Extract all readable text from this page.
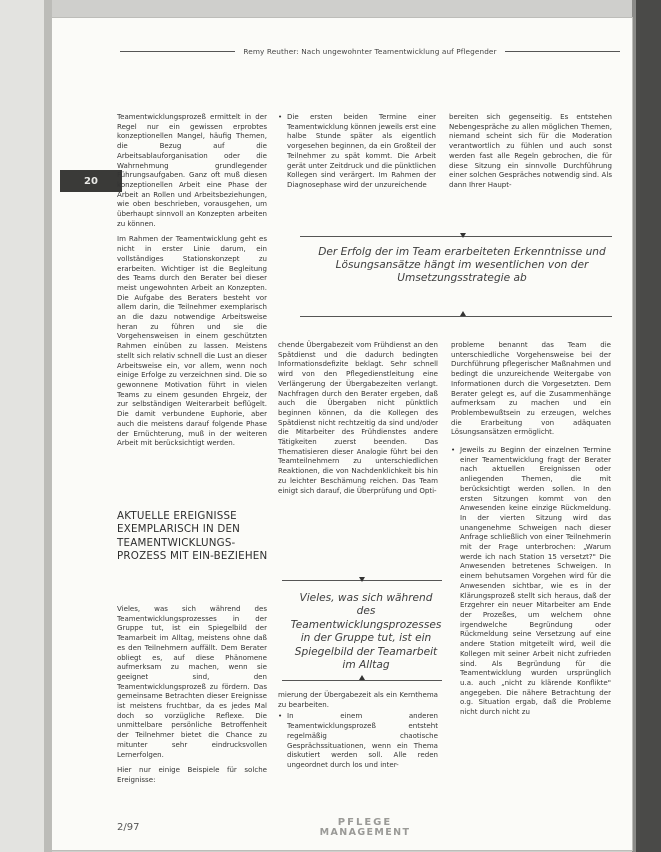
Remy Reuther: Nach ungewohnter Teamentwicklung auf Pflegender
20

Teamentwicklungsprozeß ermittelt in der Regel nur ein gewissen erprobtes konzeptionellen Mangel, häufig Themen, die Bezug auf die Arbeitsablauforganisation oder die Wahrnehmung grundlegender Führungsaufgaben. Ganz oft muß diesen konzeptionellen Arbeit eine Phase der Arbeit an Rollen und Arbeitsbeziehungen, wie oben beschrieben, vorausgehen, um überhaupt sinnvoll an Konzepten arbeiten zu können.

Im Rahmen der Teamentwicklung geht es nicht in erster Linie darum, ein vollständiges Stationskonzept zu erarbeiten. Wichtiger ist die Begleitung des Teams durch den Berater bei dieser meist ungewohnten Arbeit an Konzepten. Die Aufgabe des Beraters besteht vor allem darin, die Teilnehmer exemplarisch an die dazu notwendige Arbeitsweise heran zu führen und sie die Vorgehensweisen in einem geschützten Rahmen einüben zu lassen. Meistens stellt sich relativ schnell die Lust an dieser Arbeitsweise ein, vor allem, wenn noch einige Erfolge zu verzeichnen sind. Die so gewonnene Motivation führt in vielen Teams zu einem gesunden Ehrgeiz, der zur selbständigen Weiterarbeit beflügelt. Die damit verbundene Euphorie, aber auch die meistens darauf folgende Phase der Ernüchterung, muß in der weiteren Arbeit mit berücksichtigt werden.

AKTUELLE EREIGNISSE EXEMPLARISCH IN DEN TEAMENTWICKLUNGS-PROZESS MIT EIN-BEZIEHEN

Vieles, was sich während des Teamentwicklungsprozesses in der Gruppe tut, ist ein Spiegelbild der Teamarbeit im Alltag, meistens ohne daß es den Teilnehmern auffällt. Dem Berater obliegt es, auf diese Phänomene aufmerksam zu machen, wenn sie geeignet sind, den Teamentwicklungsprozeß zu fördern. Das gemeinsame Betrachten dieser Ereignisse ist meistens fruchtbar, da es jedes Mal doch so vorzügliche Reflexe. Die unmittelbare persönliche Betroffenheit der Teilnehmer bietet die Chance zu mitunter sehr eindrucksvollen Lernerfolgen.

Hier nur einige Beispiele für solche Ereignisse:

• Die ersten beiden Termine einer Teamentwicklung können jeweils erst eine halbe Stunde später als eigentlich vorgesehen beginnen, da ein Großteil der Teilnehmer zu spät kommt. Die Arbeit gerät unter Zeitdruck und die pünktlichen Kollegen sind verärgert. Im Rahmen der Diagnosephase wird der unzureichende

bereiten sich gegenseitig. Es entstehen Nebengespräche zu allen möglichen Themen, niemand scheint sich für die Moderation verantwortlich zu fühlen und auch sonst werden fast alle Regeln gebrochen, die für diese Sitzung ein sinnvolle Durchführung einer solchen Gespräches notwendig sind. Als dann Ihrer Haupt-

Der Erfolg der im Team erarbeiteten Erkenntnisse und Lösungsansätze hängt im wesentlichen von der Umsetzungsstrategie ab

chende Übergabezeit vom Frühdienst an den Spätdienst und die dadurch bedingten Informationsdefizite beklagt. Sehr schnell wird von den Pflegedienstleitung eine Verlängerung der Übergabezeiten verlangt. Nachfragen durch den Berater ergeben, daß auch die Übergaben nicht pünktlich beginnen können, da die Kollegen des Spätdienst nicht rechtzeitig da sind und/oder die Mitarbeiter des Frühdienstes andere Tätigkeiten zuerst beenden. Das Thematisieren dieser Analogie führt bei den Teamteilnehmern zu unterschiedlichen Reaktionen, die von Nachdenklichkeit bis hin zu leichter Beschämung reichen. Das Team einigt sich darauf, die Überprüfung und Opti-

probleme benannt das Team die unterschiedliche Vorgehensweise bei der Durchführung pflegerischer Maßnahmen und bedingt die unzureichende Weitergabe von Informationen durch die Vorgesetzten. Dem Berater gelegt es, auf die Zusammenhänge aufmerksam zu machen und ein Problembewußtsein zu erzeugen, welches die Erarbeitung von adäquaten Lösungsansätzen ermöglicht.

• Jeweils zu Beginn der einzelnen Termine einer Teamentwicklung fragt der Berater nach aktuellen Ereignissen oder anliegenden Themen, die mit berücksichtigt werden sollen. In den ersten Sitzungen kommt von den Anwesenden keine einzige Rückmeldung. In der vierten Sitzung wird das unangenehme Schweigen nach dieser Anfrage schließlich von einer Teilnehmerin mit der Frage unterbrochen: „Warum werde ich nach Station 15 versetzt?" Die Anwesenden betretenes Schweigen. In einem behutsamen Vorgehen wird für die Anwesenden sichtbar, wie es in der Klärungsprozeß stellt sich heraus, daß der Erzgehrer ein neuer Mitarbeiter am Ende der Prozeßes, um welchem ohne irgendwelche Begründung oder Rückmeldung seine Versetzung auf eine andere Station mitgeteilt wird, weil die Kollegen mit seiner Arbeit nicht zufrieden sind. Als Begründung für die Teamentwicklung wurden ursprünglich u.a. auch „nicht zu klärende Konflikte" angegeben. Die nähere Betrachtung der o.g. Situation ergab, daß die Probleme nicht durch nicht zu

Vieles, was sich während des Teamentwicklungsprozesses in der Gruppe tut, ist ein Spiegelbild der Teamarbeit im Alltag

mierung der Übergabezeit als ein Kernthema zu bearbeiten.

• In einem anderen Teamentwicklungsprozeß entsteht regelmäßig chaotische Gesprächssituationen, wenn ein Thema diskutiert werden soll. Alle reden ungeordnet durch los und inter-

2/97	PFLEGE
MANAGEMENT
